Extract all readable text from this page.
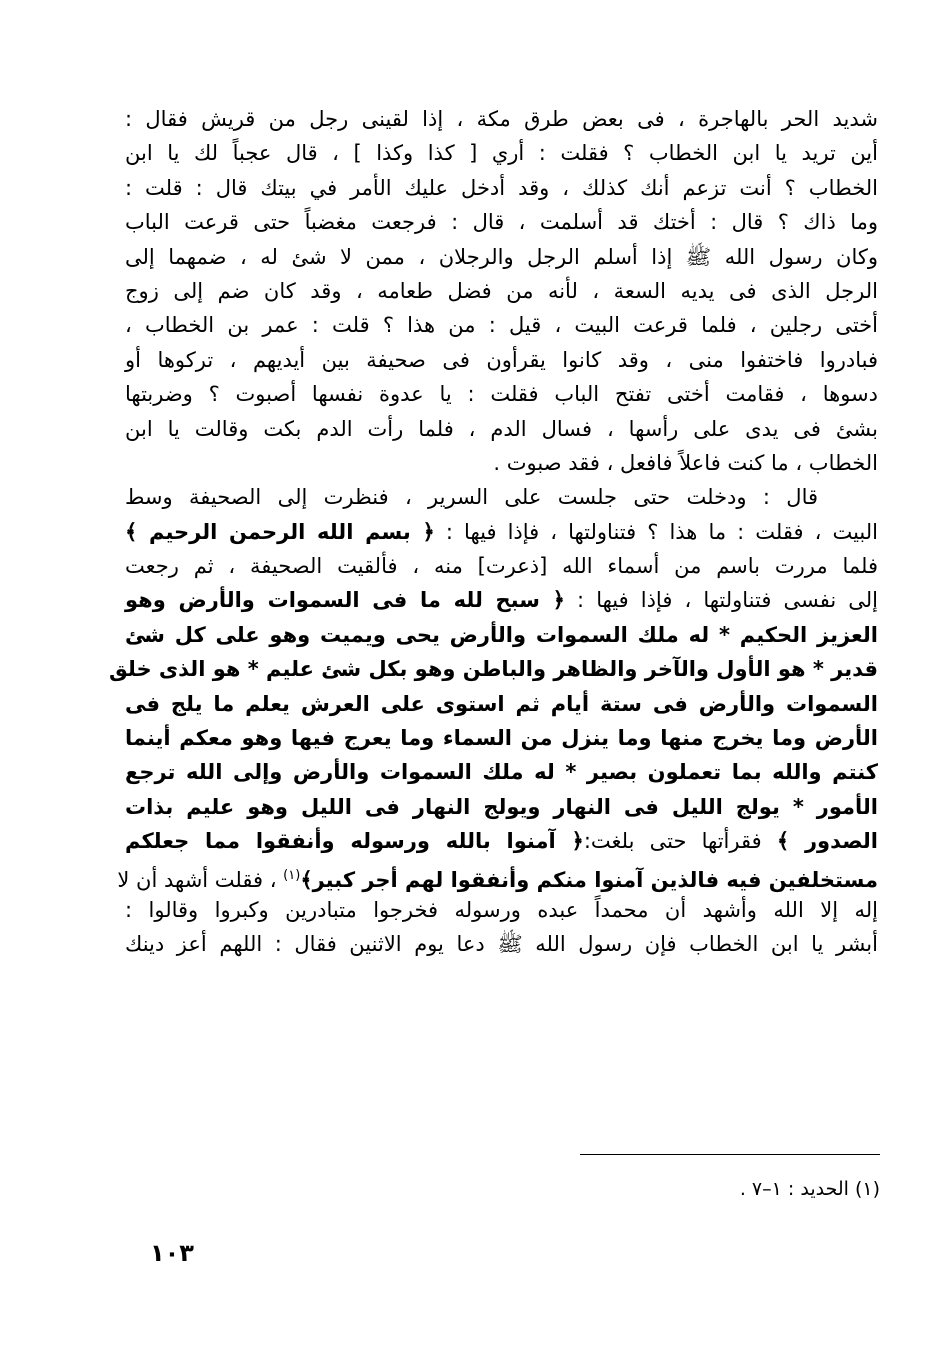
شديد الحر بالهاجرة ، فى بعض طرق مكة ، إذا لقينى رجل من قريش فقال :
أين تريد يا ابن الخطاب ؟ فقلت : أري [ كذا وكذا ] ، قال عجباً لك يا ابن
الخطاب ؟ أنت تزعم أنك كذلك ، وقد أدخل عليك الأمر في بيتك قال : قلت :
وما ذاك ؟ قال : أختك قد أسلمت ، قال : فرجعت مغضباً حتى قرعت الباب
وكان رسول الله ﷺ إذا أسلم الرجل والرجلان ، ممن لا شئ له ، ضمهما إلى
الرجل الذى فى يديه السعة ، لأنه من فضل طعامه ، وقد كان ضم إلى زوج
أختى رجلين ، فلما قرعت البيت ، قيل : من هذا ؟ قلت : عمر بن الخطاب ،
فبادروا فاختفوا منى ، وقد كانوا يقرأون فى صحيفة بين أيديهم ، تركوها أو
دسوها ، فقامت أختى تفتح الباب فقلت : يا عدوة نفسها أصبوت ؟ وضربتها
بشئ فى يدى على رأسها ، فسال الدم ، فلما رأت الدم بكت وقالت يا ابن
الخطاب ، ما كنت فاعلاً فافعل ، فقد صبوت .
قال : ودخلت حتى جلست على السرير ، فنظرت إلى الصحيفة وسط
البيت ، فقلت : ما هذا ؟ فتناولتها ، فإذا فيها : ﴿ بسم الله الرحمن الرحيم ﴾
فلما مررت باسم من أسماء الله [ذعرت] منه ، فألقيت الصحيفة ، ثم رجعت
إلى نفسى فتناولتها ، فإذا فيها : ﴿ سبح لله ما فى السموات والأرض وهو
العزيز الحكيم * له ملك السموات والأرض يحى ويميت وهو على كل شئ
قدير * هو الأول والآخر والظاهر والباطن وهو بكل شئ عليم * هو الذى خلق
السموات والأرض فى ستة أيام ثم استوى على العرش يعلم ما يلج فى
الأرض وما يخرج منها وما ينزل من السماء وما يعرج فيها وهو معكم أينما
كنتم والله بما تعملون بصير * له ملك السموات والأرض وإلى الله ترجع
الأمور * يولج الليل فى النهار ويولج النهار فى الليل وهو عليم بذات
الصدور ﴾ فقرأتها حتى بلغت:﴿ آمنوا بالله ورسوله وأنفقوا مما جعلكم
مستخلفين فيه فالذين آمنوا منكم وأنفقوا لهم أجر كبير﴾$^{(١)}$ ، فقلت أشهد أن لا
إله إلا الله وأشهد أن محمداً عبده ورسوله فخرجوا متبادرين وكبروا وقالوا :
أبشر يا ابن الخطاب فإن رسول الله ﷺ دعا يوم الاثنين فقال : اللهم أعز دينك
(١) الحديد : ١–٧ .
١٠٣
